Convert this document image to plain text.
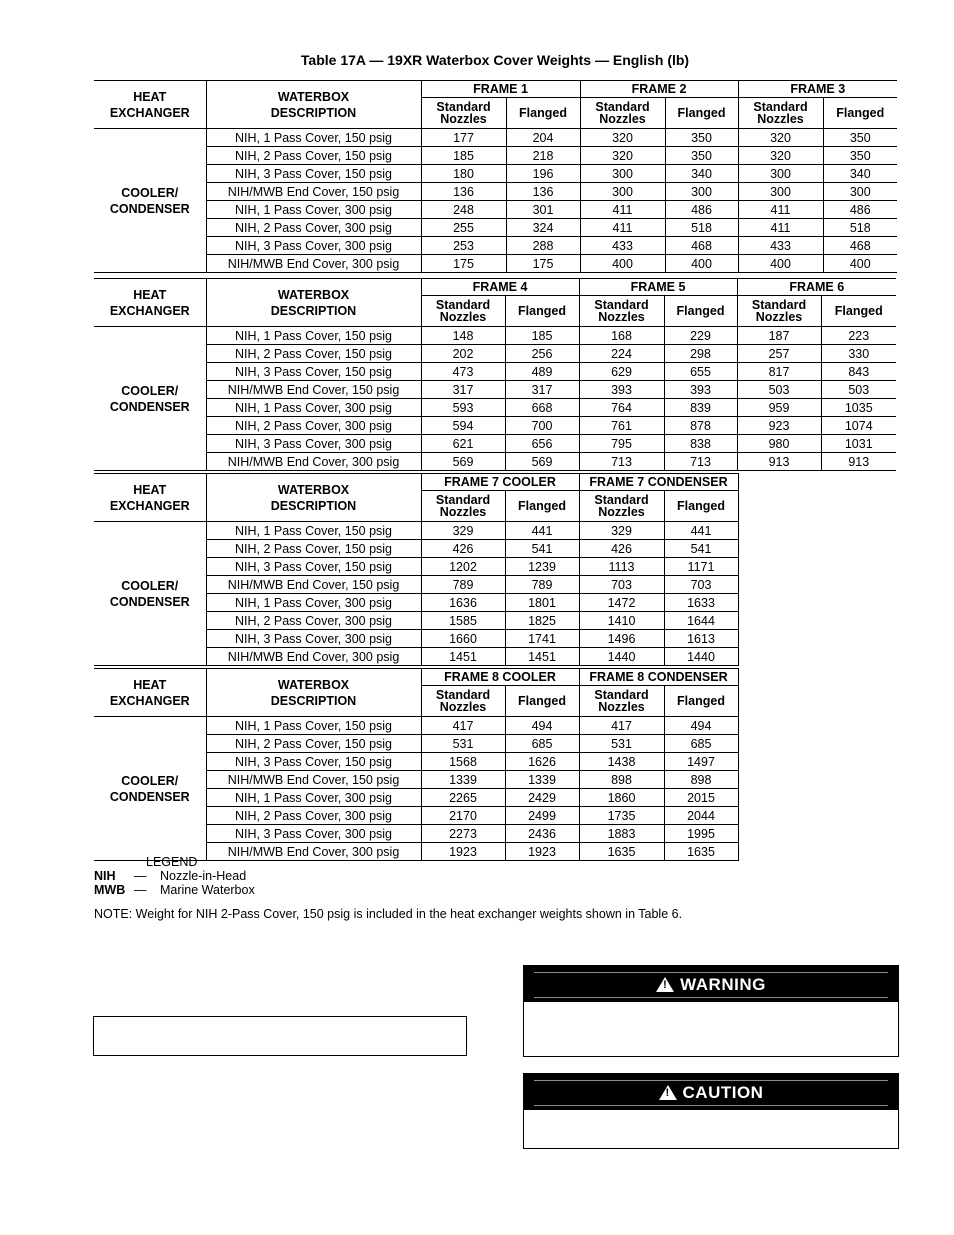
Table 17A — 19XR Waterbox Cover Weights — English (lb)
HEAT
EXCHANGER	WATERBOX
DESCRIPTION	FRAME 1		FRAME 2		FRAME 3	
		Standard
Nozzles	Flanged	Standard
Nozzles	Flanged	Standard
Nozzles	Flanged
COOLER/
CONDENSER	NIH, 1 Pass Cover, 150 psig	177	204	320	350	320	350
	NIH, 2 Pass Cover, 150 psig	185	218	320	350	320	350
	NIH, 3 Pass Cover, 150 psig	180	196	300	340	300	340
	NIH/MWB End Cover, 150 psig	136	136	300	300	300	300
	NIH, 1 Pass Cover, 300 psig	248	301	411	486	411	486
	NIH, 2 Pass Cover, 300 psig	255	324	411	518	411	518
	NIH, 3 Pass Cover, 300 psig	253	288	433	468	433	468
	NIH/MWB End Cover, 300 psig	175	175	400	400	400	400
HEAT
EXCHANGER	WATERBOX
DESCRIPTION	FRAME 4		FRAME 5		FRAME 6	
		Standard
Nozzles	Flanged	Standard
Nozzles	Flanged	Standard
Nozzles	Flanged
COOLER/
CONDENSER	NIH, 1 Pass Cover, 150 psig	148	185	168	229	187	223
	NIH, 2 Pass Cover, 150 psig	202	256	224	298	257	330
	NIH, 3 Pass Cover, 150 psig	473	489	629	655	817	843
	NIH/MWB End Cover, 150 psig	317	317	393	393	503	503
	NIH, 1 Pass Cover, 300 psig	593	668	764	839	959	1035
	NIH, 2 Pass Cover, 300 psig	594	700	761	878	923	1074
	NIH, 3 Pass Cover, 300 psig	621	656	795	838	980	1031
	NIH/MWB End Cover, 300 psig	569	569	713	713	913	913
HEAT
EXCHANGER	WATERBOX
DESCRIPTION	FRAME 7 COOLER		FRAME 7 CONDENSER	
		Standard
Nozzles	Flanged	Standard
Nozzles	Flanged
COOLER/
CONDENSER	NIH, 1 Pass Cover, 150 psig	329	441	329	441
	NIH, 2 Pass Cover, 150 psig	426	541	426	541
	NIH, 3 Pass Cover, 150 psig	1202	1239	1113	1171
	NIH/MWB End Cover, 150 psig	789	789	703	703
	NIH, 1 Pass Cover, 300 psig	1636	1801	1472	1633
	NIH, 2 Pass Cover, 300 psig	1585	1825	1410	1644
	NIH, 3 Pass Cover, 300 psig	1660	1741	1496	1613
	NIH/MWB End Cover, 300 psig	1451	1451	1440	1440
HEAT
EXCHANGER	WATERBOX
DESCRIPTION	FRAME 8 COOLER		FRAME 8 CONDENSER	
		Standard
Nozzles	Flanged	Standard
Nozzles	Flanged
COOLER/
CONDENSER	NIH, 1 Pass Cover, 150 psig	417	494	417	494
	NIH, 2 Pass Cover, 150 psig	531	685	531	685
	NIH, 3 Pass Cover, 150 psig	1568	1626	1438	1497
	NIH/MWB End Cover, 150 psig	1339	1339	898	898
	NIH, 1 Pass Cover, 300 psig	2265	2429	1860	2015
	NIH, 2 Pass Cover, 300 psig	2170	2499	1735	2044
	NIH, 3 Pass Cover, 300 psig	2273	2436	1883	1995
	NIH/MWB End Cover, 300 psig	1923	1923	1635	1635
LEGEND
NIH	—	Nozzle-in-Head
MWB —	Marine Waterbox
NOTE: Weight for NIH 2-Pass Cover, 150 psig is included in the heat exchanger weights shown in Table 6.
!WARNING
!CAUTION
